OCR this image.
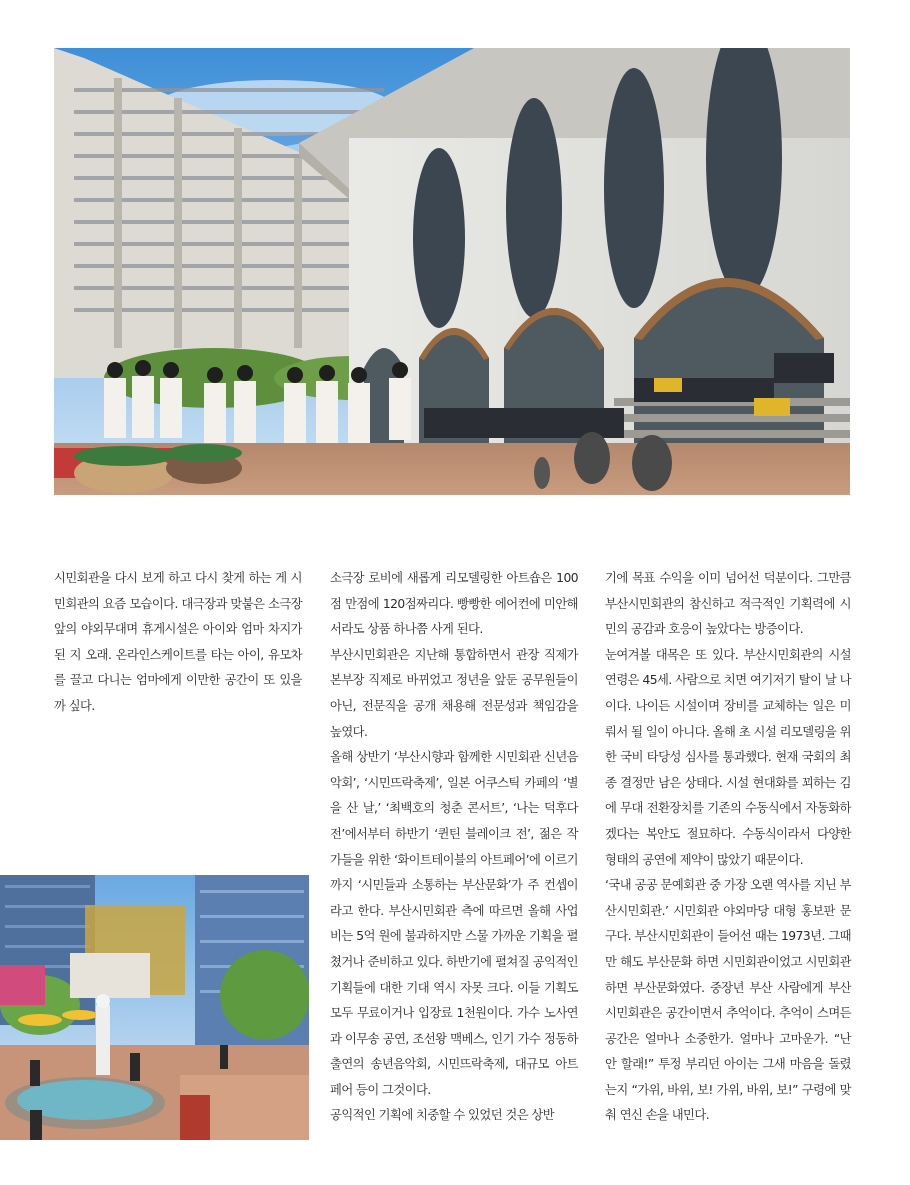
시민회관을 다시 보게 하고 다시 찾게 하는 게 시민회관의 요즘 모습이다. 대극장과 맞붙은 소극장 앞의 야외무대며 휴게시설은 아이와 엄마 차지가 된 지 오래. 온라인스케이트를 타는 아이, 유모차를 끌고 다니는 엄마에게 이만한 공간이 또 있을까 싶다.

소극장 로비에 새롭게 리모델링한 아트숍은 100점 만점에 120점짜리다. 빵빵한 에어컨에 미안해서라도 상품 하나쯤 사게 된다.

부산시민회관은 지난해 통합하면서 관장 직제가 본부장 직제로 바뀌었고 정년을 앞둔 공무원들이 아닌, 전문직을 공개 채용해 전문성과 책임감을 높였다.

올해 상반기 ‘부산시향과 함께한 시민회관 신년음악회’, ‘시민뜨락축제’, 일본 어쿠스틱 카페의 ‘별을 산 날,’ ‘최백호의 청춘 콘서트’, ‘나는 덕후다전’에서부터 하반기 ‘퀸틴 블레이크 전’, 젊은 작가들을 위한 ‘화이트테이블의 아트페어’에 이르기까지 ‘시민들과 소통하는 부산문화’가 주 컨셉이라고 한다. 부산시민회관 측에 따르면 올해 사업비는 5억 원에 불과하지만 스물 가까운 기획을 펼쳤거나 준비하고 있다. 하반기에 펼쳐질 공익적인 기획들에 대한 기대 역시 자못 크다. 이들 기획도 모두 무료이거나 입장료 1천원이다. 가수 노사연과 이무송 공연, 조선왕 맥베스, 인기 가수 정동하 출연의 송년음악회, 시민뜨락축제, 대규모 아트 페어 등이 그것이다.

공익적인 기획에 치중할 수 있었던 것은 상반

기에 목표 수익을 이미 넘어선 덕분이다. 그만큼 부산시민회관의 참신하고 적극적인 기획력에 시민의 공감과 호응이 높았다는 방증이다.

눈여겨볼 대목은 또 있다. 부산시민회관의 시설 연령은 45세. 사람으로 치면 여기저기 탈이 날 나이다. 나이든 시설이며 장비를 교체하는 일은 미뤄서 될 일이 아니다. 올해 초 시설 리모델링을 위한 국비 타당성 심사를 통과했다. 현재 국회의 최종 결정만 남은 상태다. 시설 현대화를 꾀하는 김에 무대 전환장치를 기존의 수동식에서 자동화하겠다는 복안도 절묘하다. 수동식이라서 다양한 형태의 공연에 제약이 많았기 때문이다.

‘국내 공공 문예회관 중 가장 오랜 역사를 지닌 부산시민회관.’ 시민회관 야외마당 대형 홍보판 문구다. 부산시민회관이 들어선 때는 1973년. 그때만 해도 부산문화 하면 시민회관이었고 시민회관 하면 부산문화였다. 중장년 부산 사람에게 부산시민회관은 공간이면서 추억이다. 추억이 스며든 공간은 얼마나 소중한가. 얼마나 고마운가. “난 안 할래!” 투정 부리던 아이는 그새 마음을 돌렸는지 “가위, 바위, 보! 가위, 바위, 보!” 구령에 맞춰 연신 손을 내민다.
